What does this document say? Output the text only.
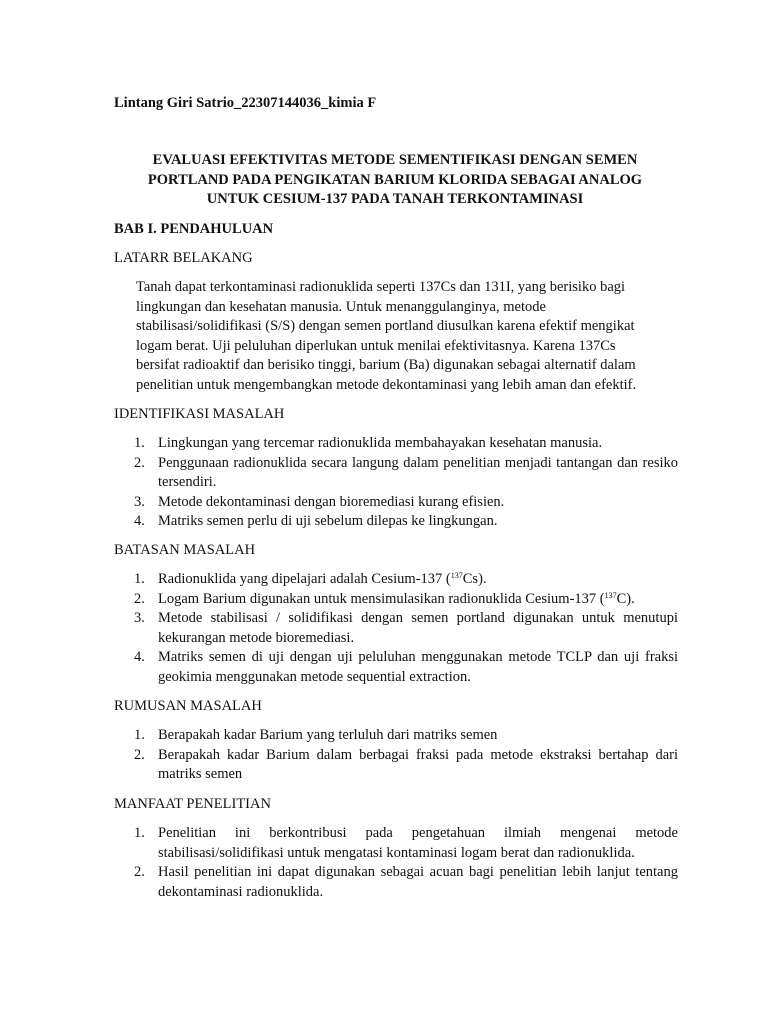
Lintang Giri Satrio_22307144036_kimia F
EVALUASI EFEKTIVITAS METODE SEMENTIFIKASI DENGAN SEMEN
PORTLAND PADA PENGIKATAN BARIUM KLORIDA SEBAGAI ANALOG
UNTUK CESIUM-137 PADA TANAH TERKONTAMINASI
BAB I. PENDAHULUAN
LATARR BELAKANG
Tanah dapat terkontaminasi radionuklida seperti 137Cs dan 131I, yang berisiko bagi
lingkungan dan kesehatan manusia. Untuk menanggulanginya, metode
stabilisasi/solidifikasi (S/S) dengan semen portland diusulkan karena efektif mengikat
logam berat. Uji peluluhan diperlukan untuk menilai efektivitasnya. Karena 137Cs
bersifat radioaktif dan berisiko tinggi, barium (Ba) digunakan sebagai alternatif dalam
penelitian untuk mengembangkan metode dekontaminasi yang lebih aman dan efektif.
IDENTIFIKASI MASALAH
1. Lingkungan yang tercemar radionuklida membahayakan kesehatan manusia.
2. Penggunaan radionuklida secara langung dalam penelitian menjadi tantangan dan resiko tersendiri.
3. Metode dekontaminasi dengan bioremediasi kurang efisien.
4. Matriks semen perlu di uji sebelum dilepas ke lingkungan.
BATASAN MASALAH
1. Radionuklida yang dipelajari adalah Cesium-137 ($^{137}$Cs).
2. Logam Barium digunakan untuk mensimulasikan radionuklida Cesium-137 ($^{137}$C).
3. Metode stabilisasi / solidifikasi dengan semen portland digunakan untuk menutupi kekurangan metode bioremediasi.
4. Matriks semen di uji dengan uji peluluhan menggunakan metode TCLP dan uji fraksi geokimia menggunakan metode sequential extraction.
RUMUSAN MASALAH
1. Berapakah kadar Barium yang terluluh dari matriks semen
2. Berapakah kadar Barium dalam berbagai fraksi pada metode ekstraksi bertahap dari matriks semen
MANFAAT PENELITIAN
1. Penelitian ini berkontribusi pada pengetahuan ilmiah mengenai metode stabilisasi/solidifikasi untuk mengatasi kontaminasi logam berat dan radionuklida.
2. Hasil penelitian ini dapat digunakan sebagai acuan bagi penelitian lebih lanjut tentang dekontaminasi radionuklida.
